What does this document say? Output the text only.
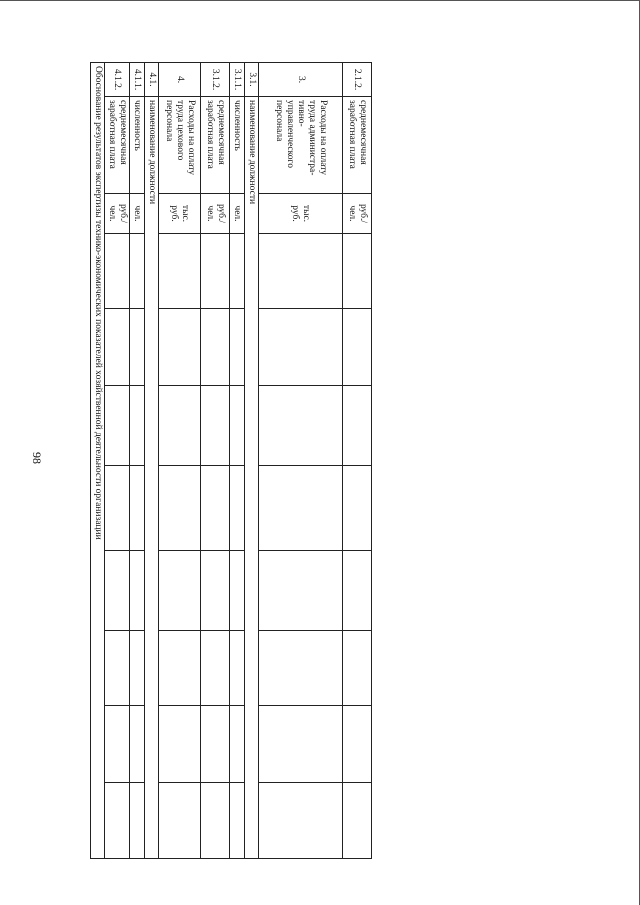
98
2.1.2.	среднемесячная заработная плата	руб./чел.								
3.	Расходы на оплату
труда администра-
тивно-
управленческого
персонала	тыс. руб.								
3.1.	наименование должности									
3.1.1.	численность	чел.								
3.1.2.	среднемесячная заработная плата	руб./чел.								
4.	Расходы на оплату
труда цехового
персонала	тыс. руб.								
4.1.	наименование должности									
4.1.1.	численность	чел.								
4.1.2.	среднемесячная заработная плата	руб./чел.								
Обоснование результатов экспертизы технико-экономических показателей хозяйственной деятельности организации										
